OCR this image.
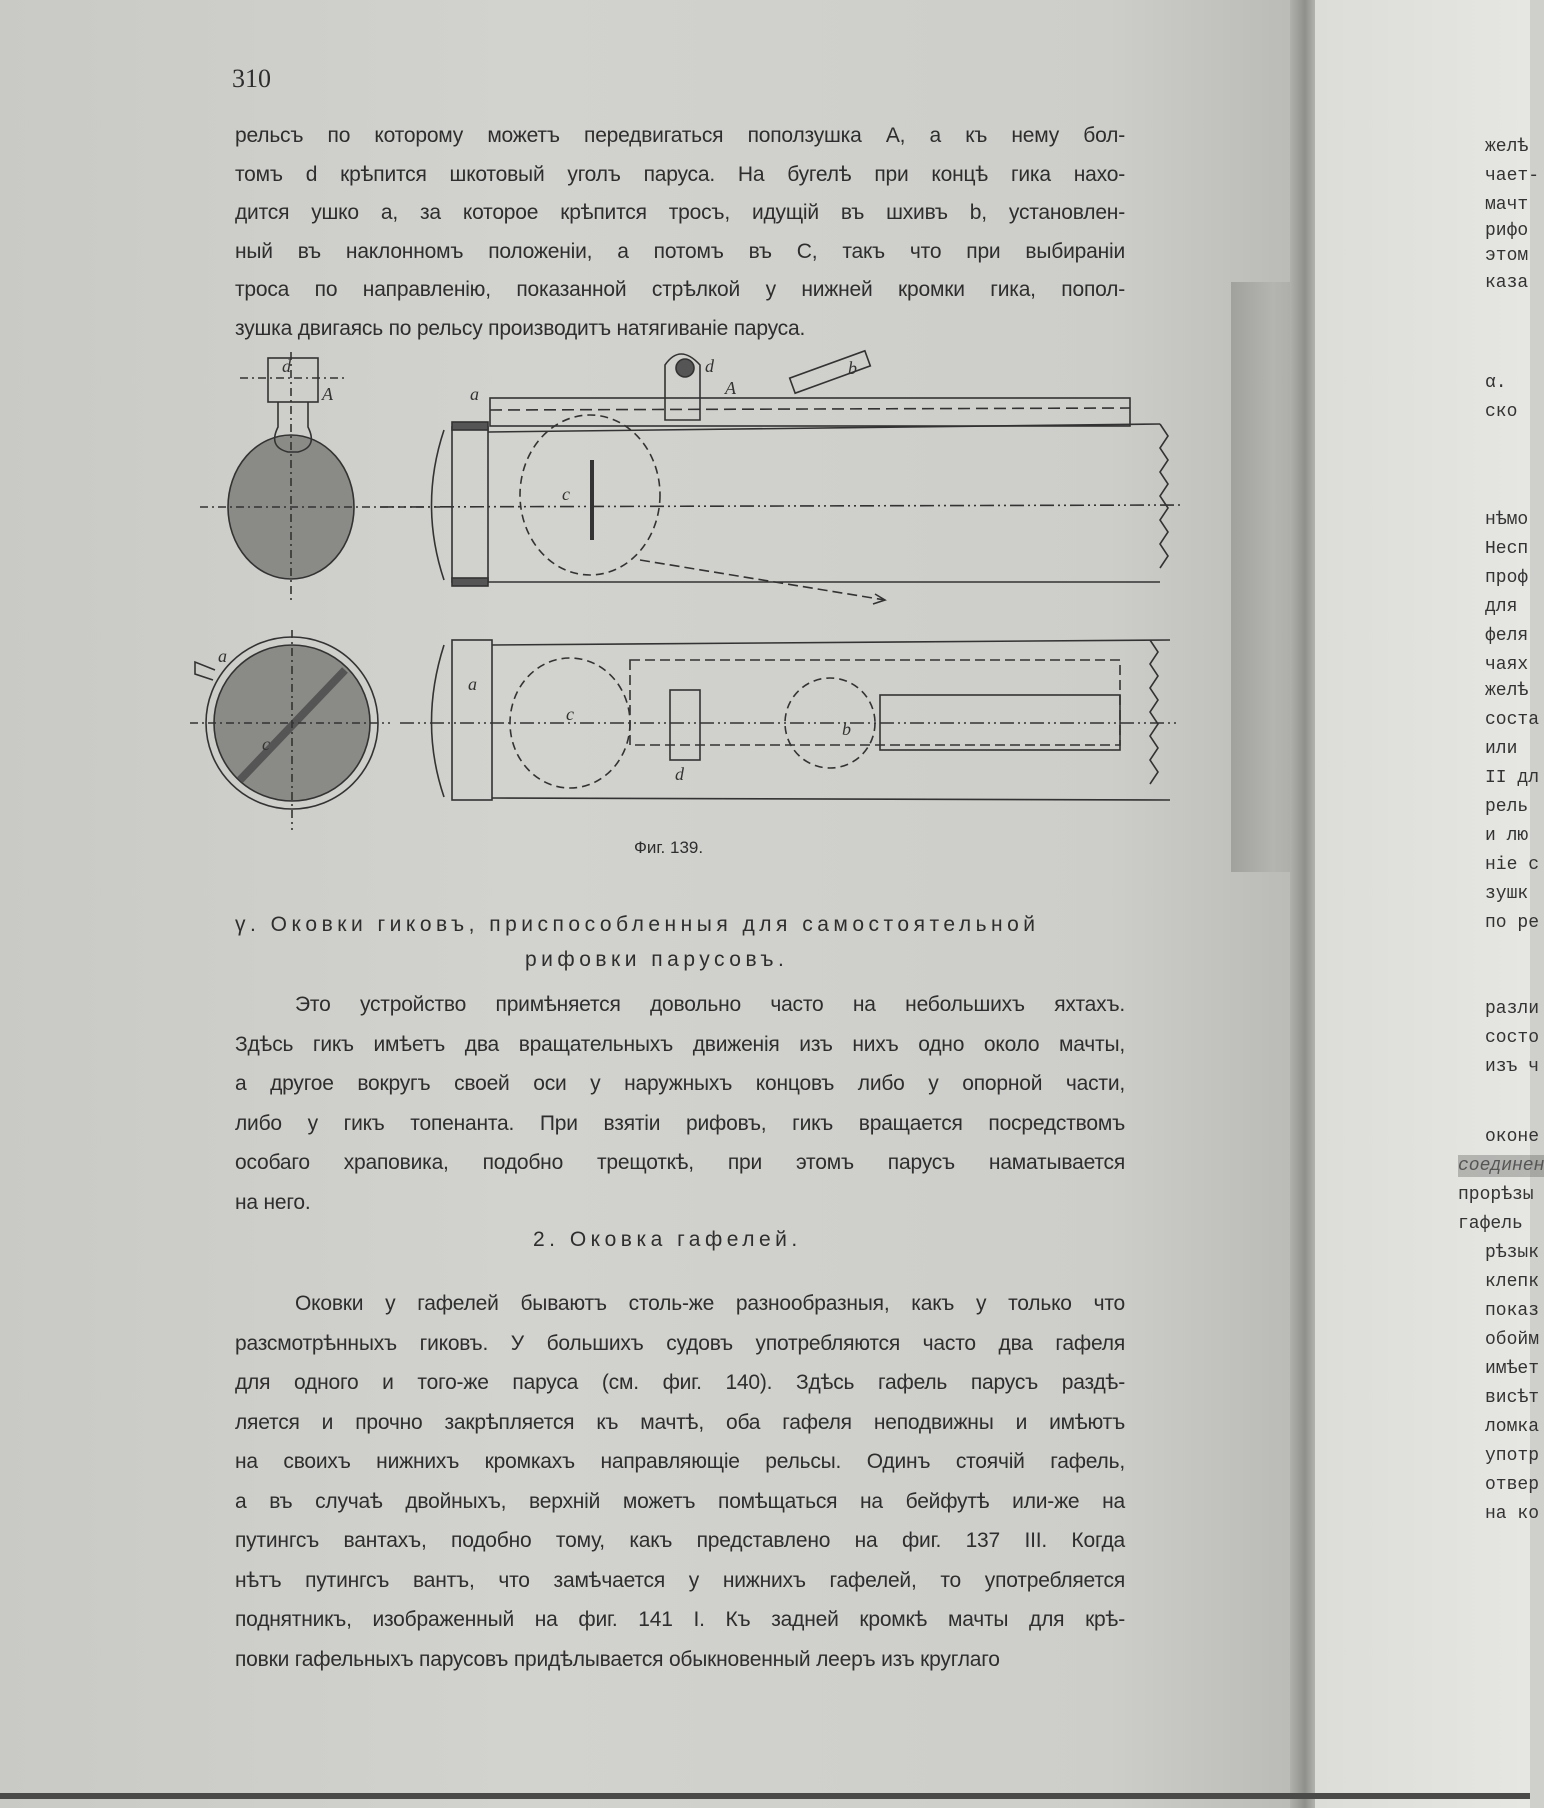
310
рельсъ по которому можетъ передвигаться поползушка A, а къ нему бол-
томъ d крѣпится шкотовый уголъ паруса. На бугелѣ при концѣ гика нахо-
дится ушко a, за которое крѣпится тросъ, идущій въ шхивъ b, установлен-
ный въ наклонномъ положеніи, а потомъ въ C, такъ что при выбираніи
троса по направленію, показанной стрѣлкой у нижней кромки гика, попол-
зушка двигаясь по рельсу производитъ натягиваніе паруса.
d
A
d
A
b
a
c
a
c
a
c
d
b
Фиг. 139.
γ. Оковки гиковъ, приспособленныя для самостоятельной
рифовки парусовъ.
Это устройство примѣняется довольно часто на небольшихъ яхтахъ.
Здѣсь гикъ имѣетъ два вращательныхъ движенія изъ нихъ одно около мачты,
а другое вокругъ своей оси у наружныхъ концовъ либо у опорной части,
либо у гикъ топенанта. При взятіи рифовъ, гикъ вращается посредствомъ
особаго храповика, подобно трещоткѣ, при этомъ парусъ наматывается
на него.
2. Оковка гафелей.
Оковки у гафелей бываютъ столь-же разнообразныя, какъ у только что
разсмотрѣнныхъ гиковъ. У большихъ судовъ употребляются часто два гафеля
для одного и того-же паруса (см. фиг. 140). Здѣсь гафель парусъ раздѣ-
ляется и прочно закрѣпляется къ мачтѣ, оба гафеля неподвижны и имѣютъ
на своихъ нижнихъ кромкахъ направляющіе рельсы. Одинъ стоячій гафель,
а въ случаѣ двойныхъ, верхній можетъ помѣщаться на бейфутѣ или-же на
путингсъ вантахъ, подобно тому, какъ представлено на фиг. 137 III. Когда
нѣтъ путингсъ вантъ, что замѣчается у нижнихъ гафелей, то употребляется
поднятникъ, изображенный на фиг. 141 I. Къ задней кромкѣ мачты для крѣ-
повки гафельныхъ парусовъ придѣлывается обыкновенный лееръ изъ круглаго
желѣ
чает-
мачт
рифо
этом
каза
α.
ско
нѣмо
Несп
проф
для
феля
чаях
желѣ
соста
или
II дл
рель
и лю
ніе с
зушк
по ре
разли
состо
изъ ч
оконе
соединен
прорѣзы
гафель
рѣзык
клепк
показ
обойм
имѣет
висѣт
ломка
употр
отвер
на ко
